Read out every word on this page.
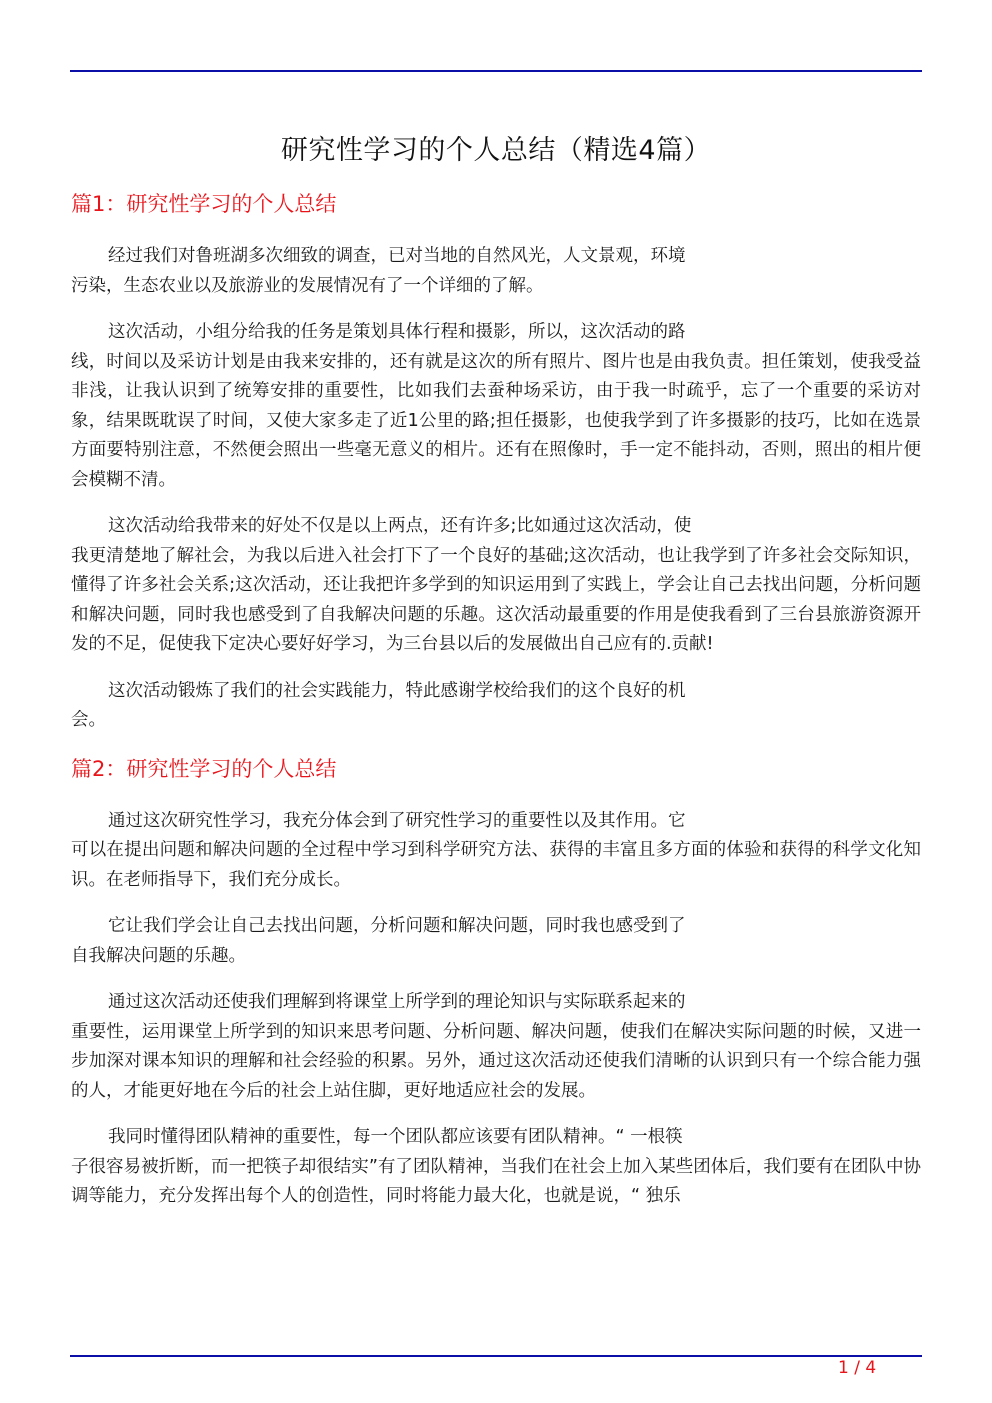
研究性学习的个人总结（精选4篇）
篇1：研究性学习的个人总结

经过我们对鲁班湖多次细致的调查，已对当地的自然风光，人文景观，环境
污染，生态农业以及旅游业的发展情况有了一个详细的了解。

这次活动，小组分给我的任务是策划具体行程和摄影，所以，这次活动的路
线，时间以及采访计划是由我来安排的，还有就是这次的所有照片、图片也是由我负责。担任策划，使我受益非浅，让我认识到了统筹安排的重要性，比如我们去蚕种场采访，由于我一时疏乎，忘了一个重要的采访对象，结果既耽误了时间，又使大家多走了近1公里的路;担任摄影，也使我学到了许多摄影的技巧，比如在选景方面要特别注意，不然便会照出一些毫无意义的相片。还有在照像时，手一定不能抖动，否则，照出的相片便会模糊不清。

这次活动给我带来的好处不仅是以上两点，还有许多;比如通过这次活动，使
我更清楚地了解社会，为我以后进入社会打下了一个良好的基础;这次活动，也让我学到了许多社会交际知识，懂得了许多社会关系;这次活动，还让我把许多学到的知识运用到了实践上，学会让自己去找出问题，分析问题和解决问题，同时我也感受到了自我解决问题的乐趣。这次活动最重要的作用是使我看到了三台县旅游资源开发的不足，促使我下定决心要好好学习，为三台县以后的发展做出自己应有的.贡献!

这次活动锻炼了我们的社会实践能力，特此感谢学校给我们的这个良好的机
会。

篇2：研究性学习的个人总结

通过这次研究性学习，我充分体会到了研究性学习的重要性以及其作用。它
可以在提出问题和解决问题的全过程中学习到科学研究方法、获得的丰富且多方面的体验和获得的科学文化知识。在老师指导下，我们充分成长。

它让我们学会让自己去找出问题，分析问题和解决问题，同时我也感受到了
自我解决问题的乐趣。

通过这次活动还使我们理解到将课堂上所学到的理论知识与实际联系起来的
重要性，运用课堂上所学到的知识来思考问题、分析问题、解决问题，使我们在解决实际问题的时候，又进一步加深对课本知识的理解和社会经验的积累。另外，通过这次活动还使我们清晰的认识到只有一个综合能力强的人，才能更好地在今后的社会上站住脚，更好地适应社会的发展。

我同时懂得团队精神的重要性，每一个团队都应该要有团队精神。“ 一根筷
子很容易被折断，而一把筷子却很结实”有了团队精神，当我们在社会上加入某些团体后，我们要有在团队中协调等能力，充分发挥出每个人的创造性，同时将能力最大化，也就是说，“ 独乐

1 / 4
